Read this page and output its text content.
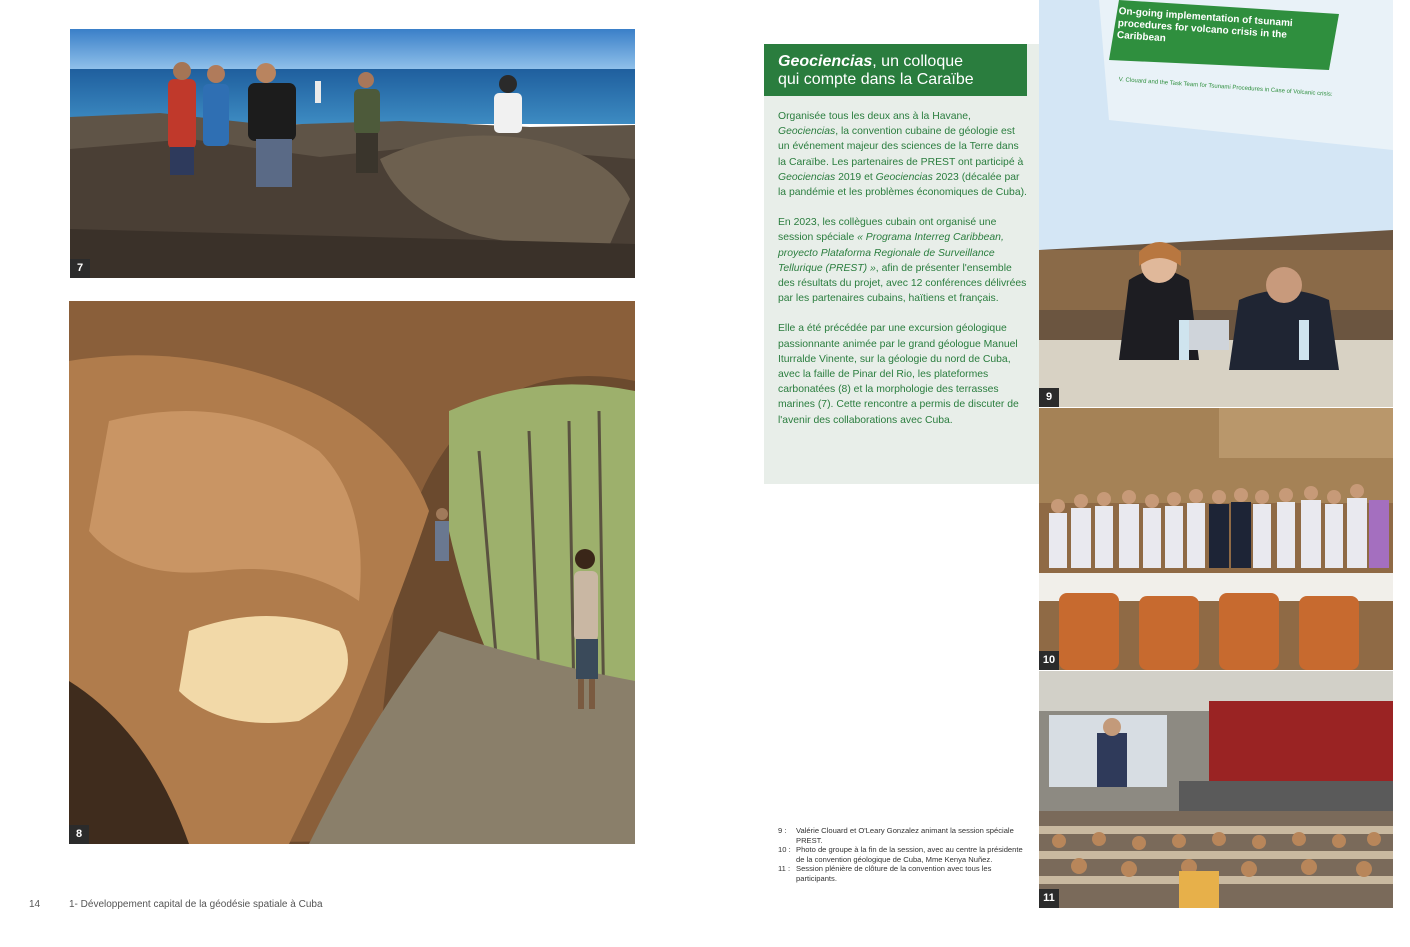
7
8
On-going implementation of tsunami procedures for volcano crisis in the Caribbean
V. Clouard and the Task Team for Tsunami Procedures in Case of Volcanic crisis:
9
10
11
Geociencias, un colloque
qui compte dans la Caraïbe

Organisée tous les deux ans à la Havane, Geociencias, la convention cubaine de géologie est un événement majeur des sciences de la Terre dans la Caraïbe. Les partenaires de PREST ont participé à Geociencias 2019 et Geociencias 2023 (décalée par la pandémie et les problèmes économiques de Cuba).

En 2023, les collègues cubain ont organisé une session spéciale « Programa Interreg Caribbean, proyecto Plataforma Regionale de Surveillance Tellurique (PREST) », afin de présenter l'ensemble des résultats du projet, avec 12 conférences délivrées par les partenaires cubains, haïtiens et français.

Elle a été précédée par une excursion géologique passionnante animée par le grand géologue Manuel Iturralde Vinente, sur la géologie du nord de Cuba, avec la faille de Pinar del Rio, les plateformes carbonatées (8) et la morphologie des terrasses marines (7). Cette rencontre a permis de discuter de l'avenir des collaborations avec Cuba.

9 :	Valérie Clouard et O'Leary Gonzalez animant la session spéciale PREST.
10 : Photo de groupe à la fin de la session, avec au centre la présidente de la convention géologique de Cuba, Mme Kenya Nuñez.
11 : Session plénière de clôture de la convention avec tous les participants.
14	1- Développement capital de la géodésie spatiale à Cuba
